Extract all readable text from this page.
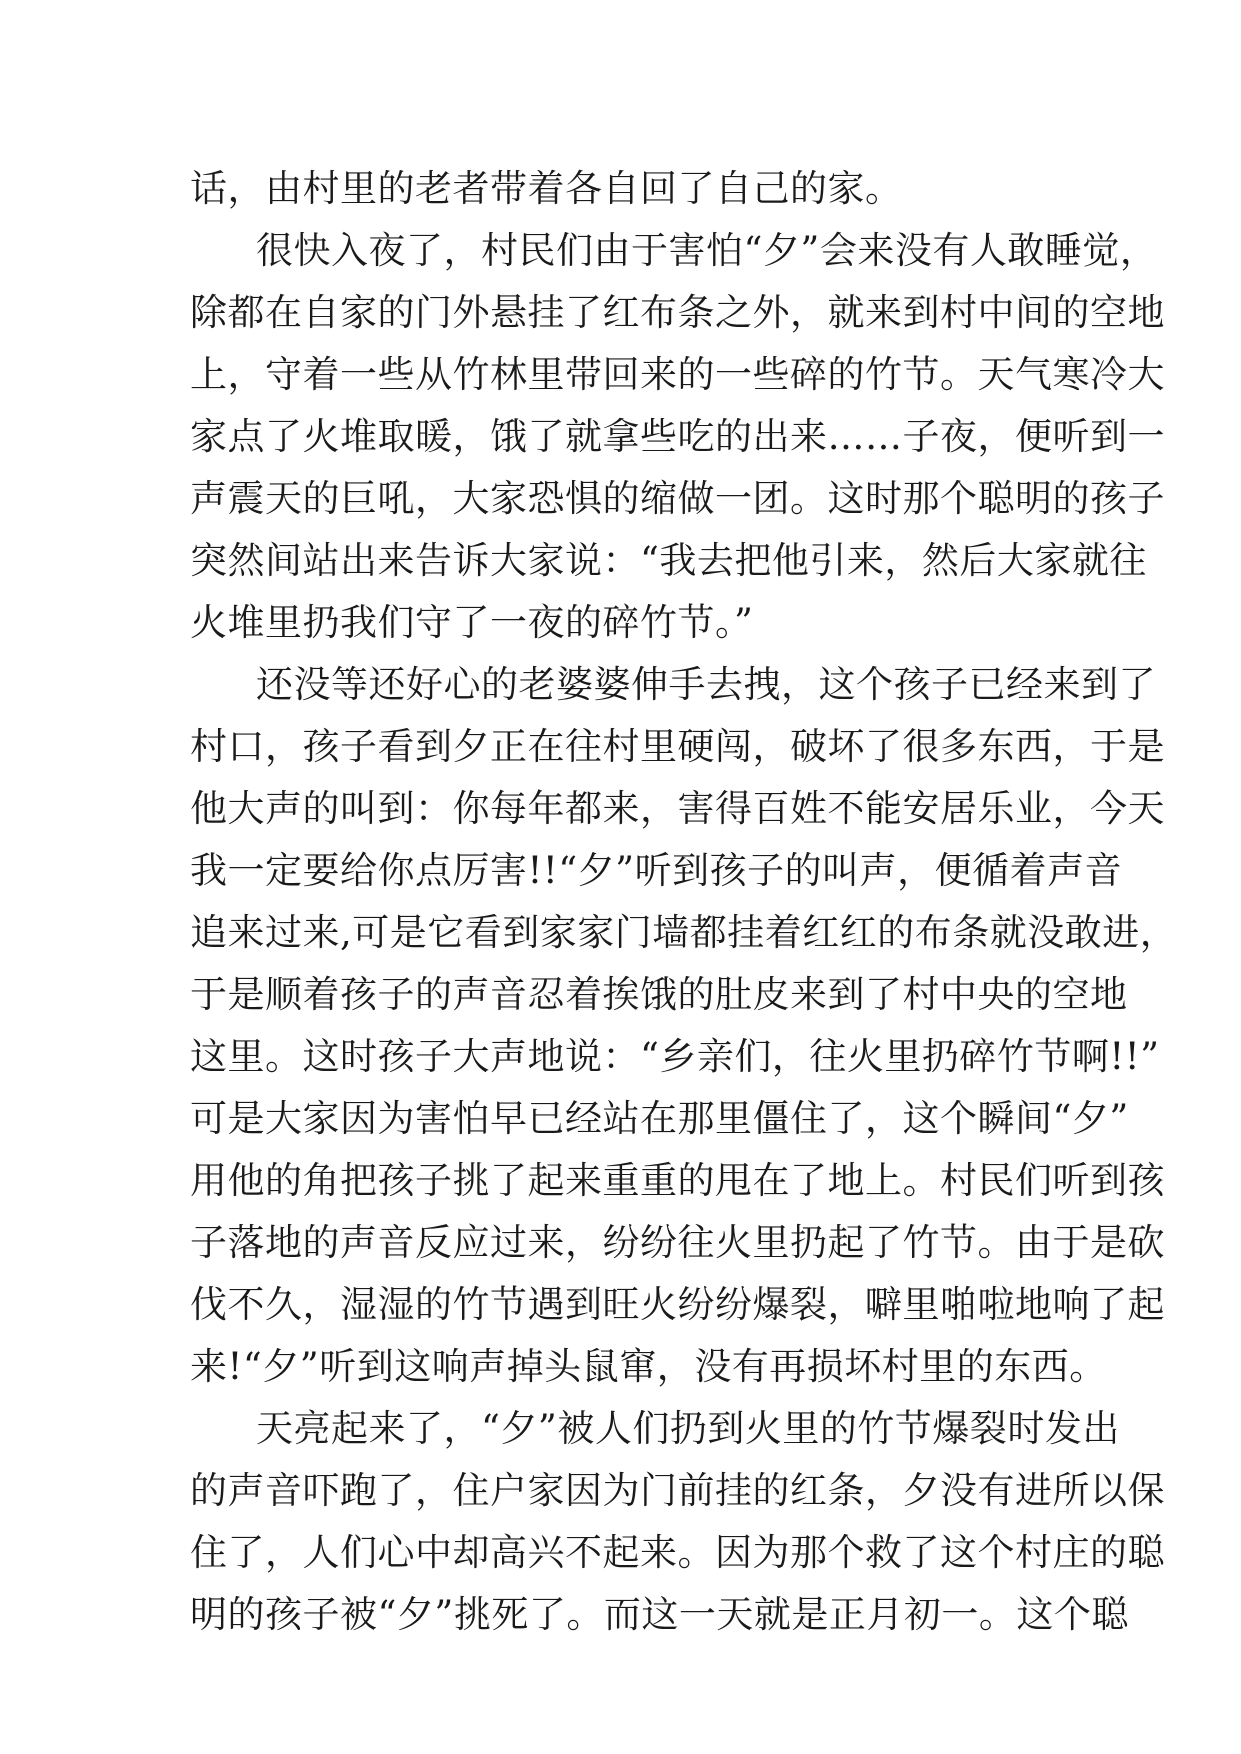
话，由村里的老者带着各自回了自己的家。
很快入夜了，村民们由于害怕“夕”会来没有人敢睡觉，
除都在自家的门外悬挂了红布条之外，就来到村中间的空地
上，守着一些从竹林里带回来的一些碎的竹节。天气寒冷大
家点了火堆取暖，饿了就拿些吃的出来……子夜，便听到一
声震天的巨吼，大家恐惧的缩做一团。这时那个聪明的孩子
突然间站出来告诉大家说：“我去把他引来，然后大家就往
火堆里扔我们守了一夜的碎竹节。”
还没等还好心的老婆婆伸手去拽，这个孩子已经来到了
村口，孩子看到夕正在往村里硬闯，破坏了很多东西，于是
他大声的叫到：你每年都来，害得百姓不能安居乐业，今天
我一定要给你点厉害!!“夕”听到孩子的叫声，便循着声音
追来过来,可是它看到家家门墙都挂着红红的布条就没敢进，
于是顺着孩子的声音忍着挨饿的肚皮来到了村中央的空地
这里。这时孩子大声地说：“乡亲们，往火里扔碎竹节啊!!”
可是大家因为害怕早已经站在那里僵住了，这个瞬间“夕”
用他的角把孩子挑了起来重重的甩在了地上。村民们听到孩
子落地的声音反应过来，纷纷往火里扔起了竹节。由于是砍
伐不久，湿湿的竹节遇到旺火纷纷爆裂，噼里啪啦地响了起
来!“夕”听到这响声掉头鼠窜，没有再损坏村里的东西。
天亮起来了，“夕”被人们扔到火里的竹节爆裂时发出
的声音吓跑了，住户家因为门前挂的红条，夕没有进所以保
住了，人们心中却高兴不起来。因为那个救了这个村庄的聪
明的孩子被“夕”挑死了。而这一天就是正月初一。这个聪
